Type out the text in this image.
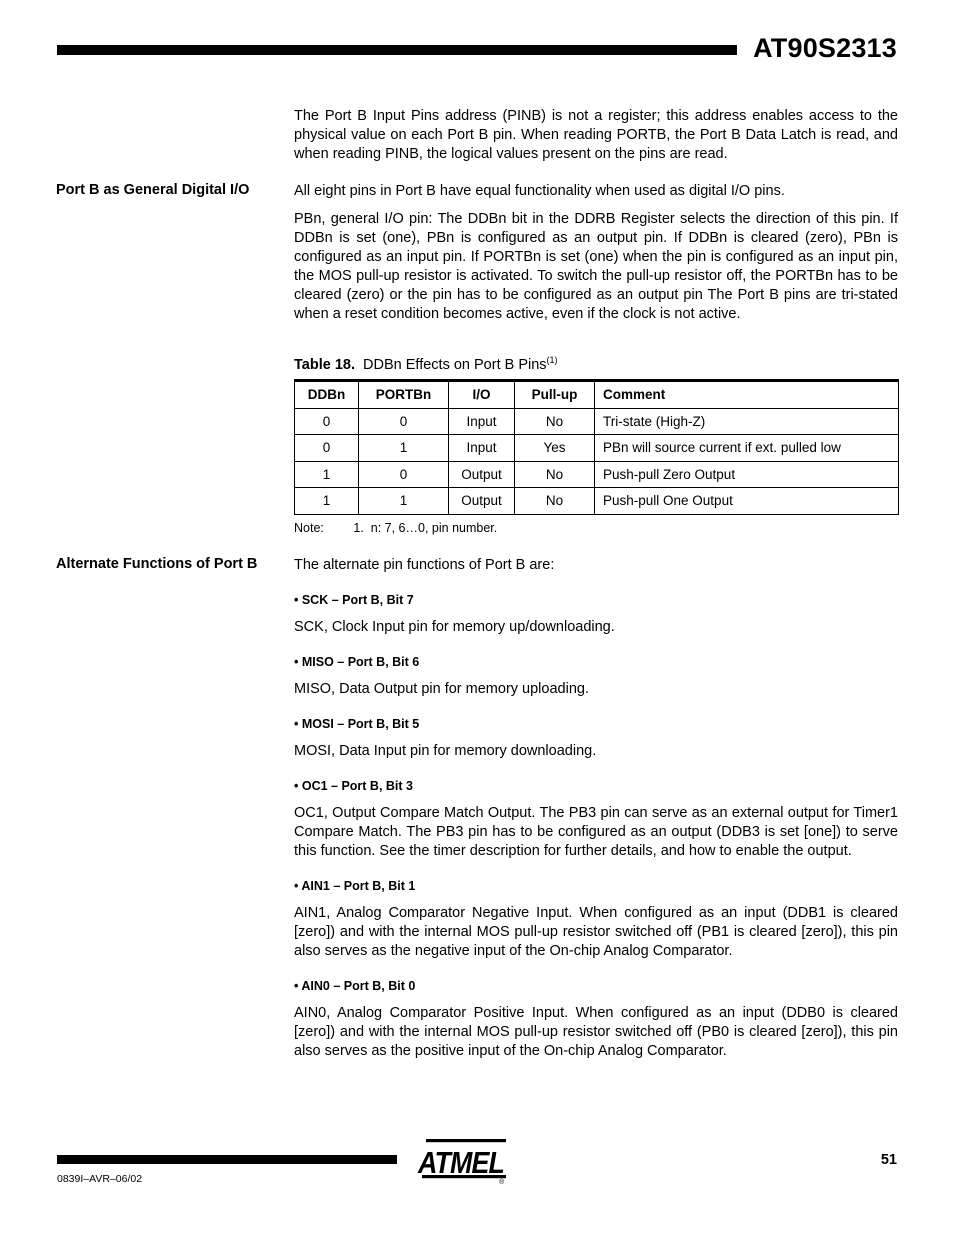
AT90S2313

The Port B Input Pins address (PINB) is not a register; this address enables access to the physical value on each Port B pin. When reading PORTB, the Port B Data Latch is read, and when reading PINB, the logical values present on the pins are read.

Port B as General Digital I/O	All eight pins in Port B have equal functionality when used as digital I/O pins.

PBn, general I/O pin: The DDBn bit in the DDRB Register selects the direction of this pin. If DDBn is set (one), PBn is configured as an output pin. If DDBn is cleared (zero), PBn is configured as an input pin. If PORTBn is set (one) when the pin is configured as an input pin, the MOS pull-up resistor is activated. To switch the pull-up resistor off, the PORTBn has to be cleared (zero) or the pin has to be configured as an output pin The Port B pins are tri-stated when a reset condition becomes active, even if the clock is not active.

Table 18. DDBn Effects on Port B Pins$^{(1)}$
DDBn	PORTBn	I/O	Pull-up	Comment
0	0	Input	No	Tri-state (High-Z)
0	1	Input	Yes	PBn will source current if ext. pulled low
1	0	Output	No	Push-pull Zero Output
1	1	Output	No	Push-pull One Output
Note: 1. n: 7, 6…0, pin number.
Alternate Functions of Port B	The alternate pin functions of Port B are:

• SCK – Port B, Bit 7

SCK, Clock Input pin for memory up/downloading.

• MISO – Port B, Bit 6

MISO, Data Output pin for memory uploading.

• MOSI – Port B, Bit 5

MOSI, Data Input pin for memory downloading.

• OC1 – Port B, Bit 3

OC1, Output Compare Match Output. The PB3 pin can serve as an external output for Timer1 Compare Match. The PB3 pin has to be configured as an output (DDB3 is set [one]) to serve this function. See the timer description for further details, and how to enable the output.

• AIN1 – Port B, Bit 1

AIN1, Analog Comparator Negative Input. When configured as an input (DDB1 is cleared [zero]) and with the internal MOS pull-up resistor switched off (PB1 is cleared [zero]), this pin also serves as the negative input of the On-chip Analog Comparator.

• AIN0 – Port B, Bit 0

AIN0, Analog Comparator Positive Input. When configured as an input (DDB0 is cleared [zero]) and with the internal MOS pull-up resistor switched off (PB0 is cleared [zero]), this pin also serves as the positive input of the On-chip Analog Comparator.

0839I–AVR–06/02
51
ATMEL
®
